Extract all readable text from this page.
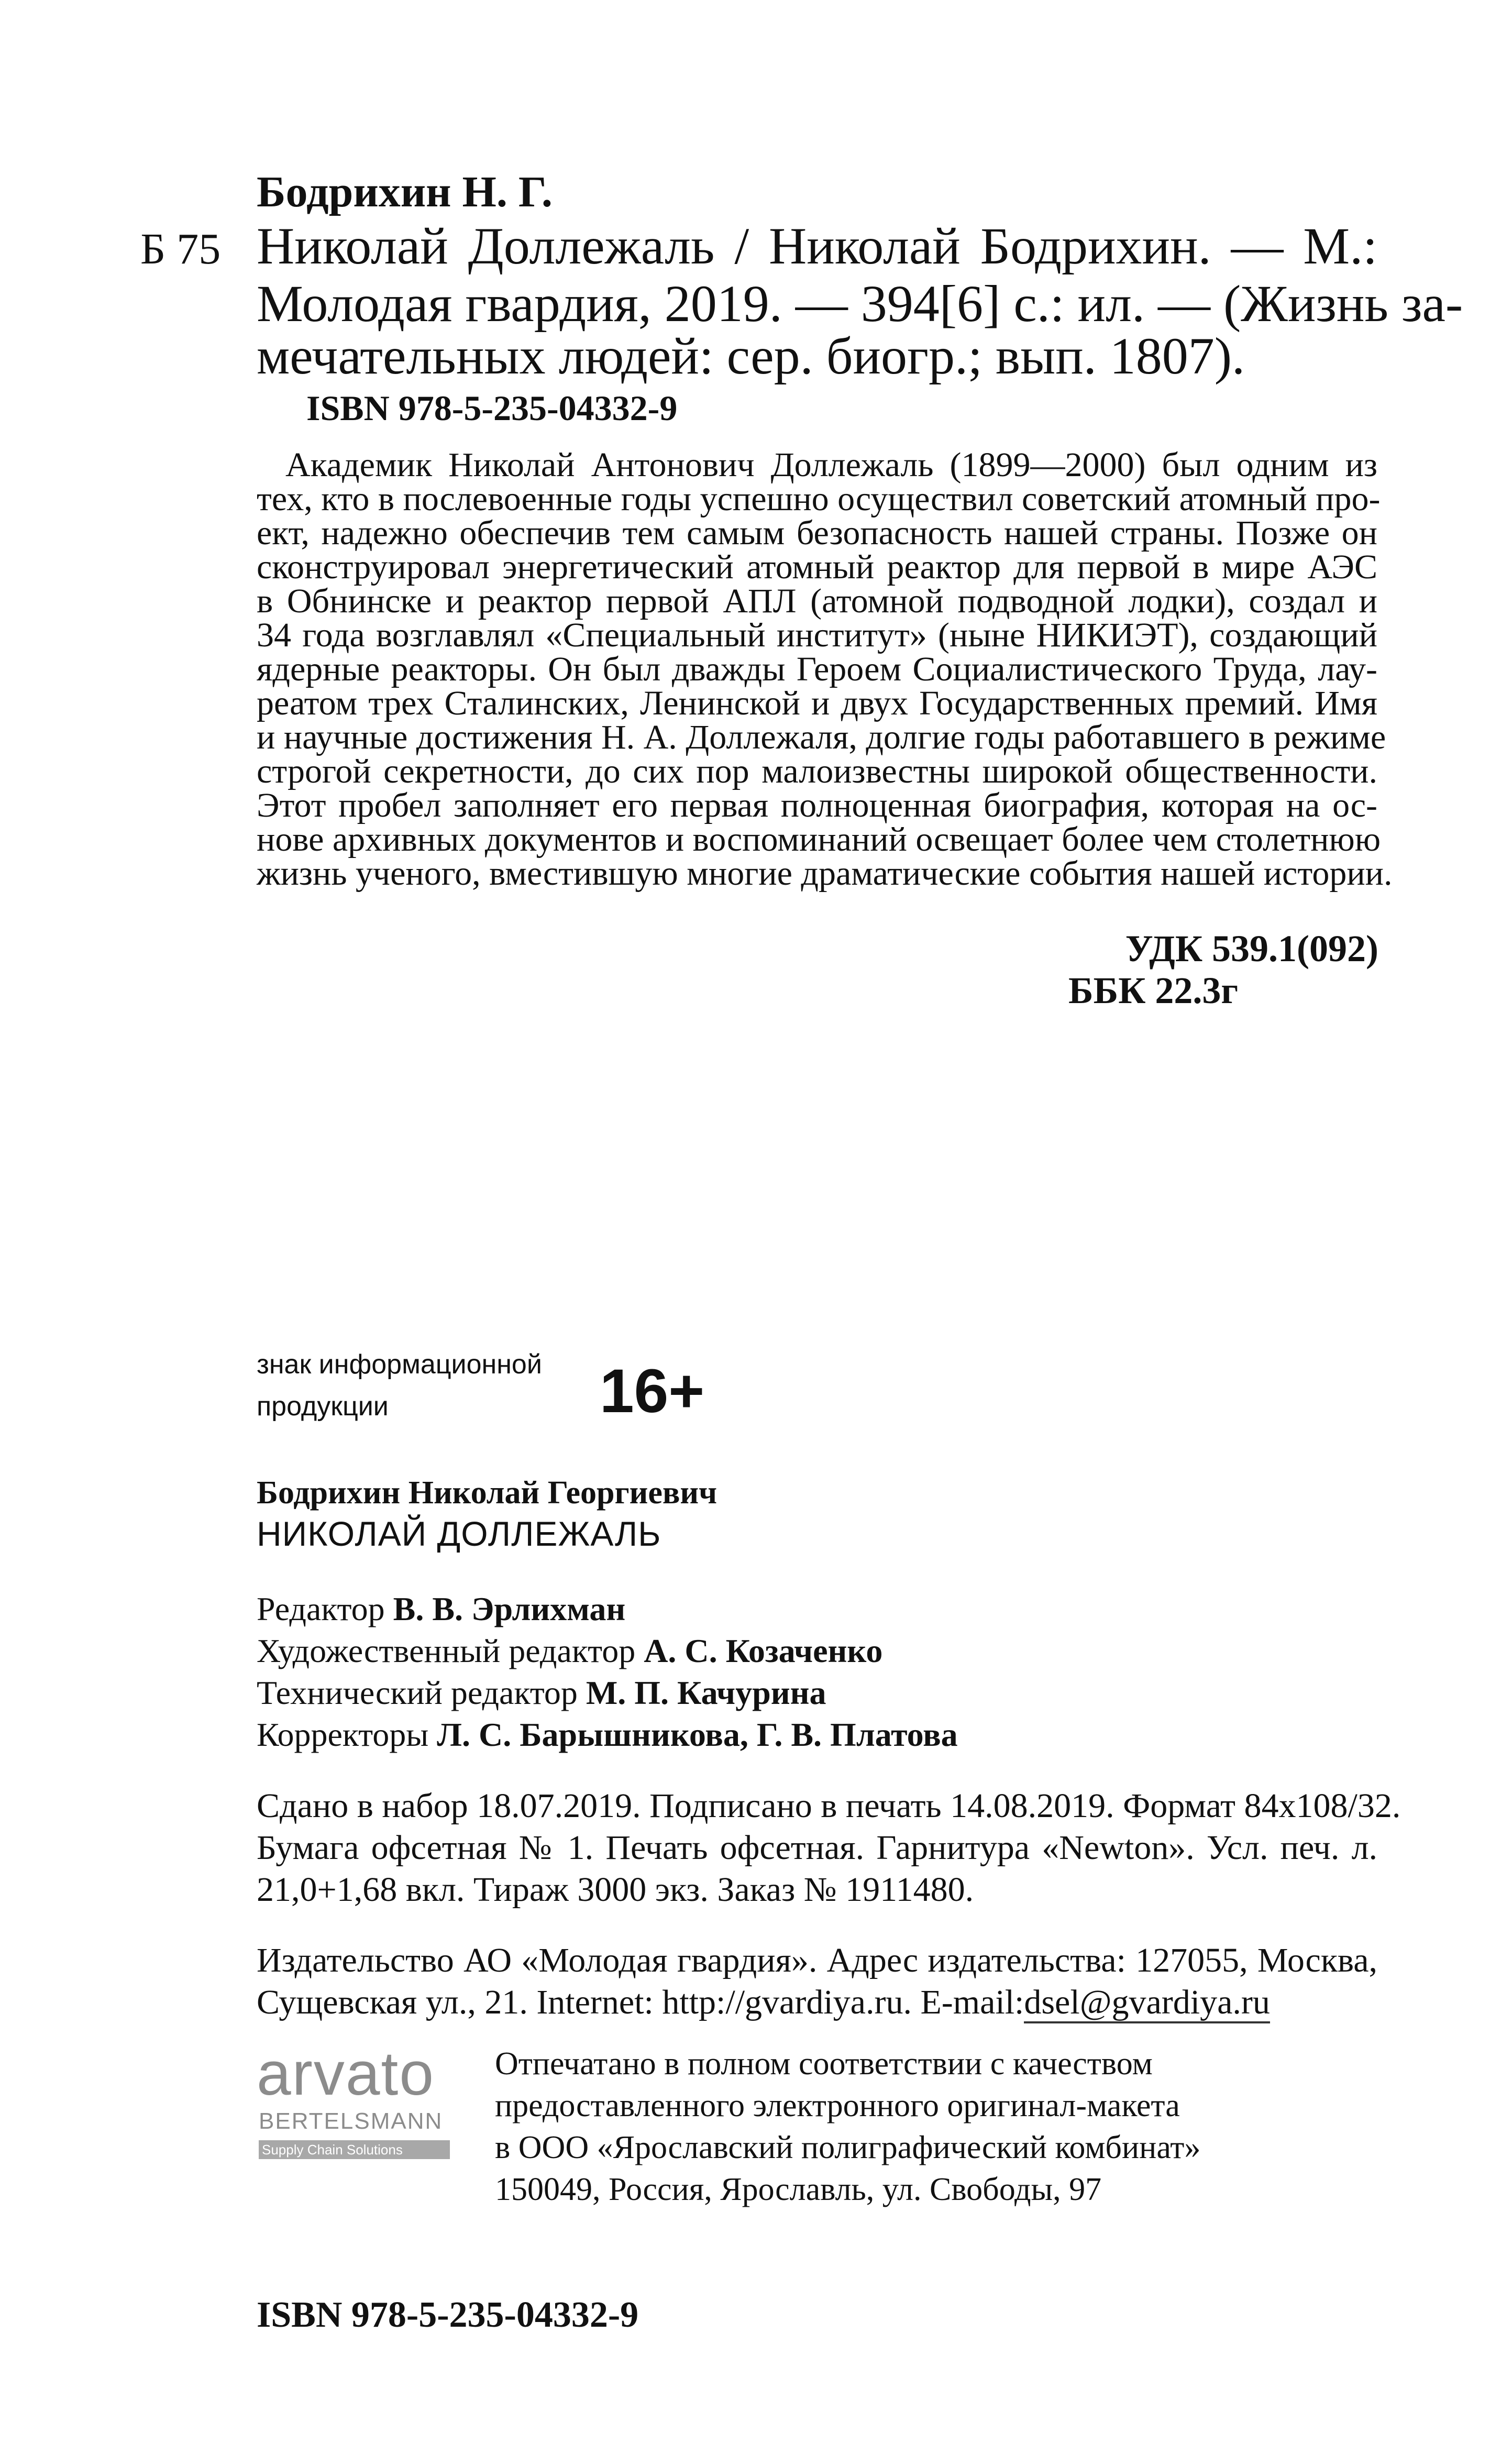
Бодрихин Н. Г.
Б 75 Николай Доллежаль / Николай Бодрихин. — М.:
Молодая гвардия, 2019. — 394[6] с.: ил. — (Жизнь за-
мечательных людей: сер. биогр.; вып. 1807).
ISBN 978-5-235-04332-9
Академик Николай Антонович Доллежаль (1899—2000) был одним из
тех, кто в послевоенные годы успешно осуществил советский атомный про-
ект, надежно обеспечив тем самым безопасность нашей страны. Позже он
сконструировал энергетический атомный реактор для первой в мире АЭС
в Обнинске и реактор первой АПЛ (атомной подводной лодки), создал и
34 года возглавлял «Специальный институт» (ныне НИКИЭТ), создающий
ядерные реакторы. Он был дважды Героем Социалистического Труда, лау-
реатом трех Сталинских, Ленинской и двух Государственных премий. Имя
и научные достижения Н. А. Доллежаля, долгие годы работавшего в режиме
строгой секретности, до сих пор малоизвестны широкой общественности.
Этот пробел заполняет его первая полноценная биография, которая на ос-
нове архивных документов и воспоминаний освещает более чем столетнюю
жизнь ученого, вместившую многие драматические события нашей истории.
УДК 539.1(092)
ББК 22.3г
знак информационной
продукции	16+
Бодрихин Николай Георгиевич
НИКОЛАЙ ДОЛЛЕЖАЛЬ
Редактор В. В. Эрлихман
Художественный редактор А. С. Козаченко
Технический редактор М. П. Качурина
Корректоры Л. С. Барышникова, Г. В. Платова
Сдано в набор 18.07.2019. Подписано в печать 14.08.2019. Формат 84x108/32.
Бумага офсетная № 1. Печать офсетная. Гарнитура «Newton». Усл. печ. л.
21,0+1,68 вкл. Тираж 3000 экз. Заказ № 1911480.
Издательство АО «Молодая гвардия». Адрес издательства: 127055, Москва,
Сущевская ул., 21. Internet: http://gvardiya.ru. E-mail:dsel@gvardiya.ru
arvato
BERTELSMANN
Supply Chain Solutions
Отпечатано в полном соответствии с качеством
предоставленного электронного оригинал-макета
в ООО «Ярославский полиграфический комбинат»
150049, Россия, Ярославль, ул. Свободы, 97
ISBN 978-5-235-04332-9
